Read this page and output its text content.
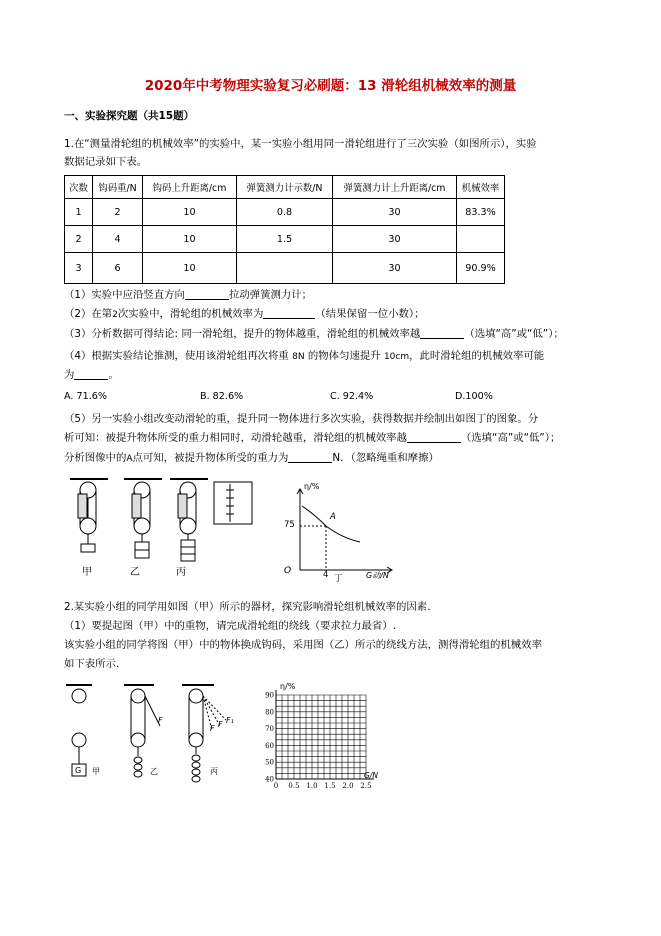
2020年中考物理实验复习必刷题：13 滑轮组机械效率的测量
一、实验探究题（共15题）
1.在“测量滑轮组的机械效率”的实验中，某一实验小组用同一滑轮组进行了三次实验（如图所示），实验
数据记录如下表。
次数	钩码重/N	钩码上升距离/cm	弹簧测力计示数/N	弹簧测力计上升距离/cm	机械效率
1	2	10	0.8	30	83.3%
2	4	10	1.5	30	
3	6	10		30	90.9%
（1）实验中应沿竖直方向	拉动弹簧测力计；
（2）在第2次实验中，滑轮组的机械效率为	（结果保留一位小数）；
（3）分析数据可得结论: 同一滑轮组，提升的物体越重，滑轮组的机械效率越	（选填“高”或“低”）；
（4）根据实验结论推测，使用该滑轮组再次将重 8N 的物体匀速提升 10cm，此时滑轮组的机械效率可能
为	。
A. 71.6%	B. 82.6%	C. 92.4%	D.100%
（5）另一实验小组改变动滑轮的重，提升同一物体进行多次实验，获得数据并绘制出如图丁的图象。分
析可知：被提升物体所受的重力相同时，动滑轮越重，滑轮组的机械效率越	（选填“高”或“低”）；
分析图像中的A点可知，被提升物体所受的重力为	N．（忽略绳重和摩擦）
甲	乙	丙
η/%
75
A
O	4 丁	G动/N
2.某实验小组的同学用如图（甲）所示的器材，探究影响滑轮组机械效率的因素.
（1）要提起图（甲）中的重物，请完成滑轮组的绕线（要求拉力最省）.
该实验小组的同学将图（甲）中的物体换成钩码，采用图（乙）所示的绕线方法，测得滑轮组的机械效率
如下表所示.
G 甲	乙	丙
F
F F F₁
η/%
G/N
0 0.5 1.0 1.5 2.0 2.5
40
50
60
70
80
90
